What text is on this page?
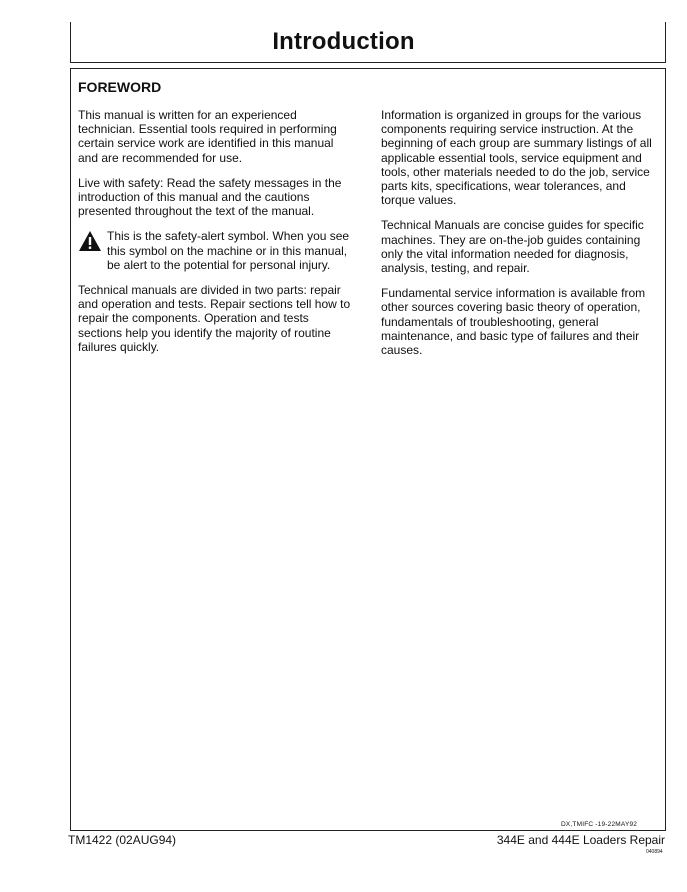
Introduction
FOREWORD

This manual is written for an experienced technician. Essential tools required in performing certain service work are identified in this manual and are recommended for use.

Live with safety: Read the safety messages in the introduction of this manual and the cautions presented throughout the text of the manual.

This is the safety-alert symbol. When you see this symbol on the machine or in this manual, be alert to the potential for personal injury.

Technical manuals are divided in two parts: repair and operation and tests. Repair sections tell how to repair the components. Operation and tests sections help you identify the majority of routine failures quickly.

Information is organized in groups for the various components requiring service instruction. At the beginning of each group are summary listings of all applicable essential tools, service equipment and tools, other materials needed to do the job, service parts kits, specifications, wear tolerances, and torque values.

Technical Manuals are concise guides for specific machines. They are on-the-job guides containing only the vital information needed for diagnosis, analysis, testing, and repair.

Fundamental service information is available from other sources covering basic theory of operation, fundamentals of troubleshooting, general maintenance, and basic type of failures and their causes.

DX,TMIFC -19-22MAY92
TM1422 (02AUG94)	344E and 444E Loaders Repair
040894
